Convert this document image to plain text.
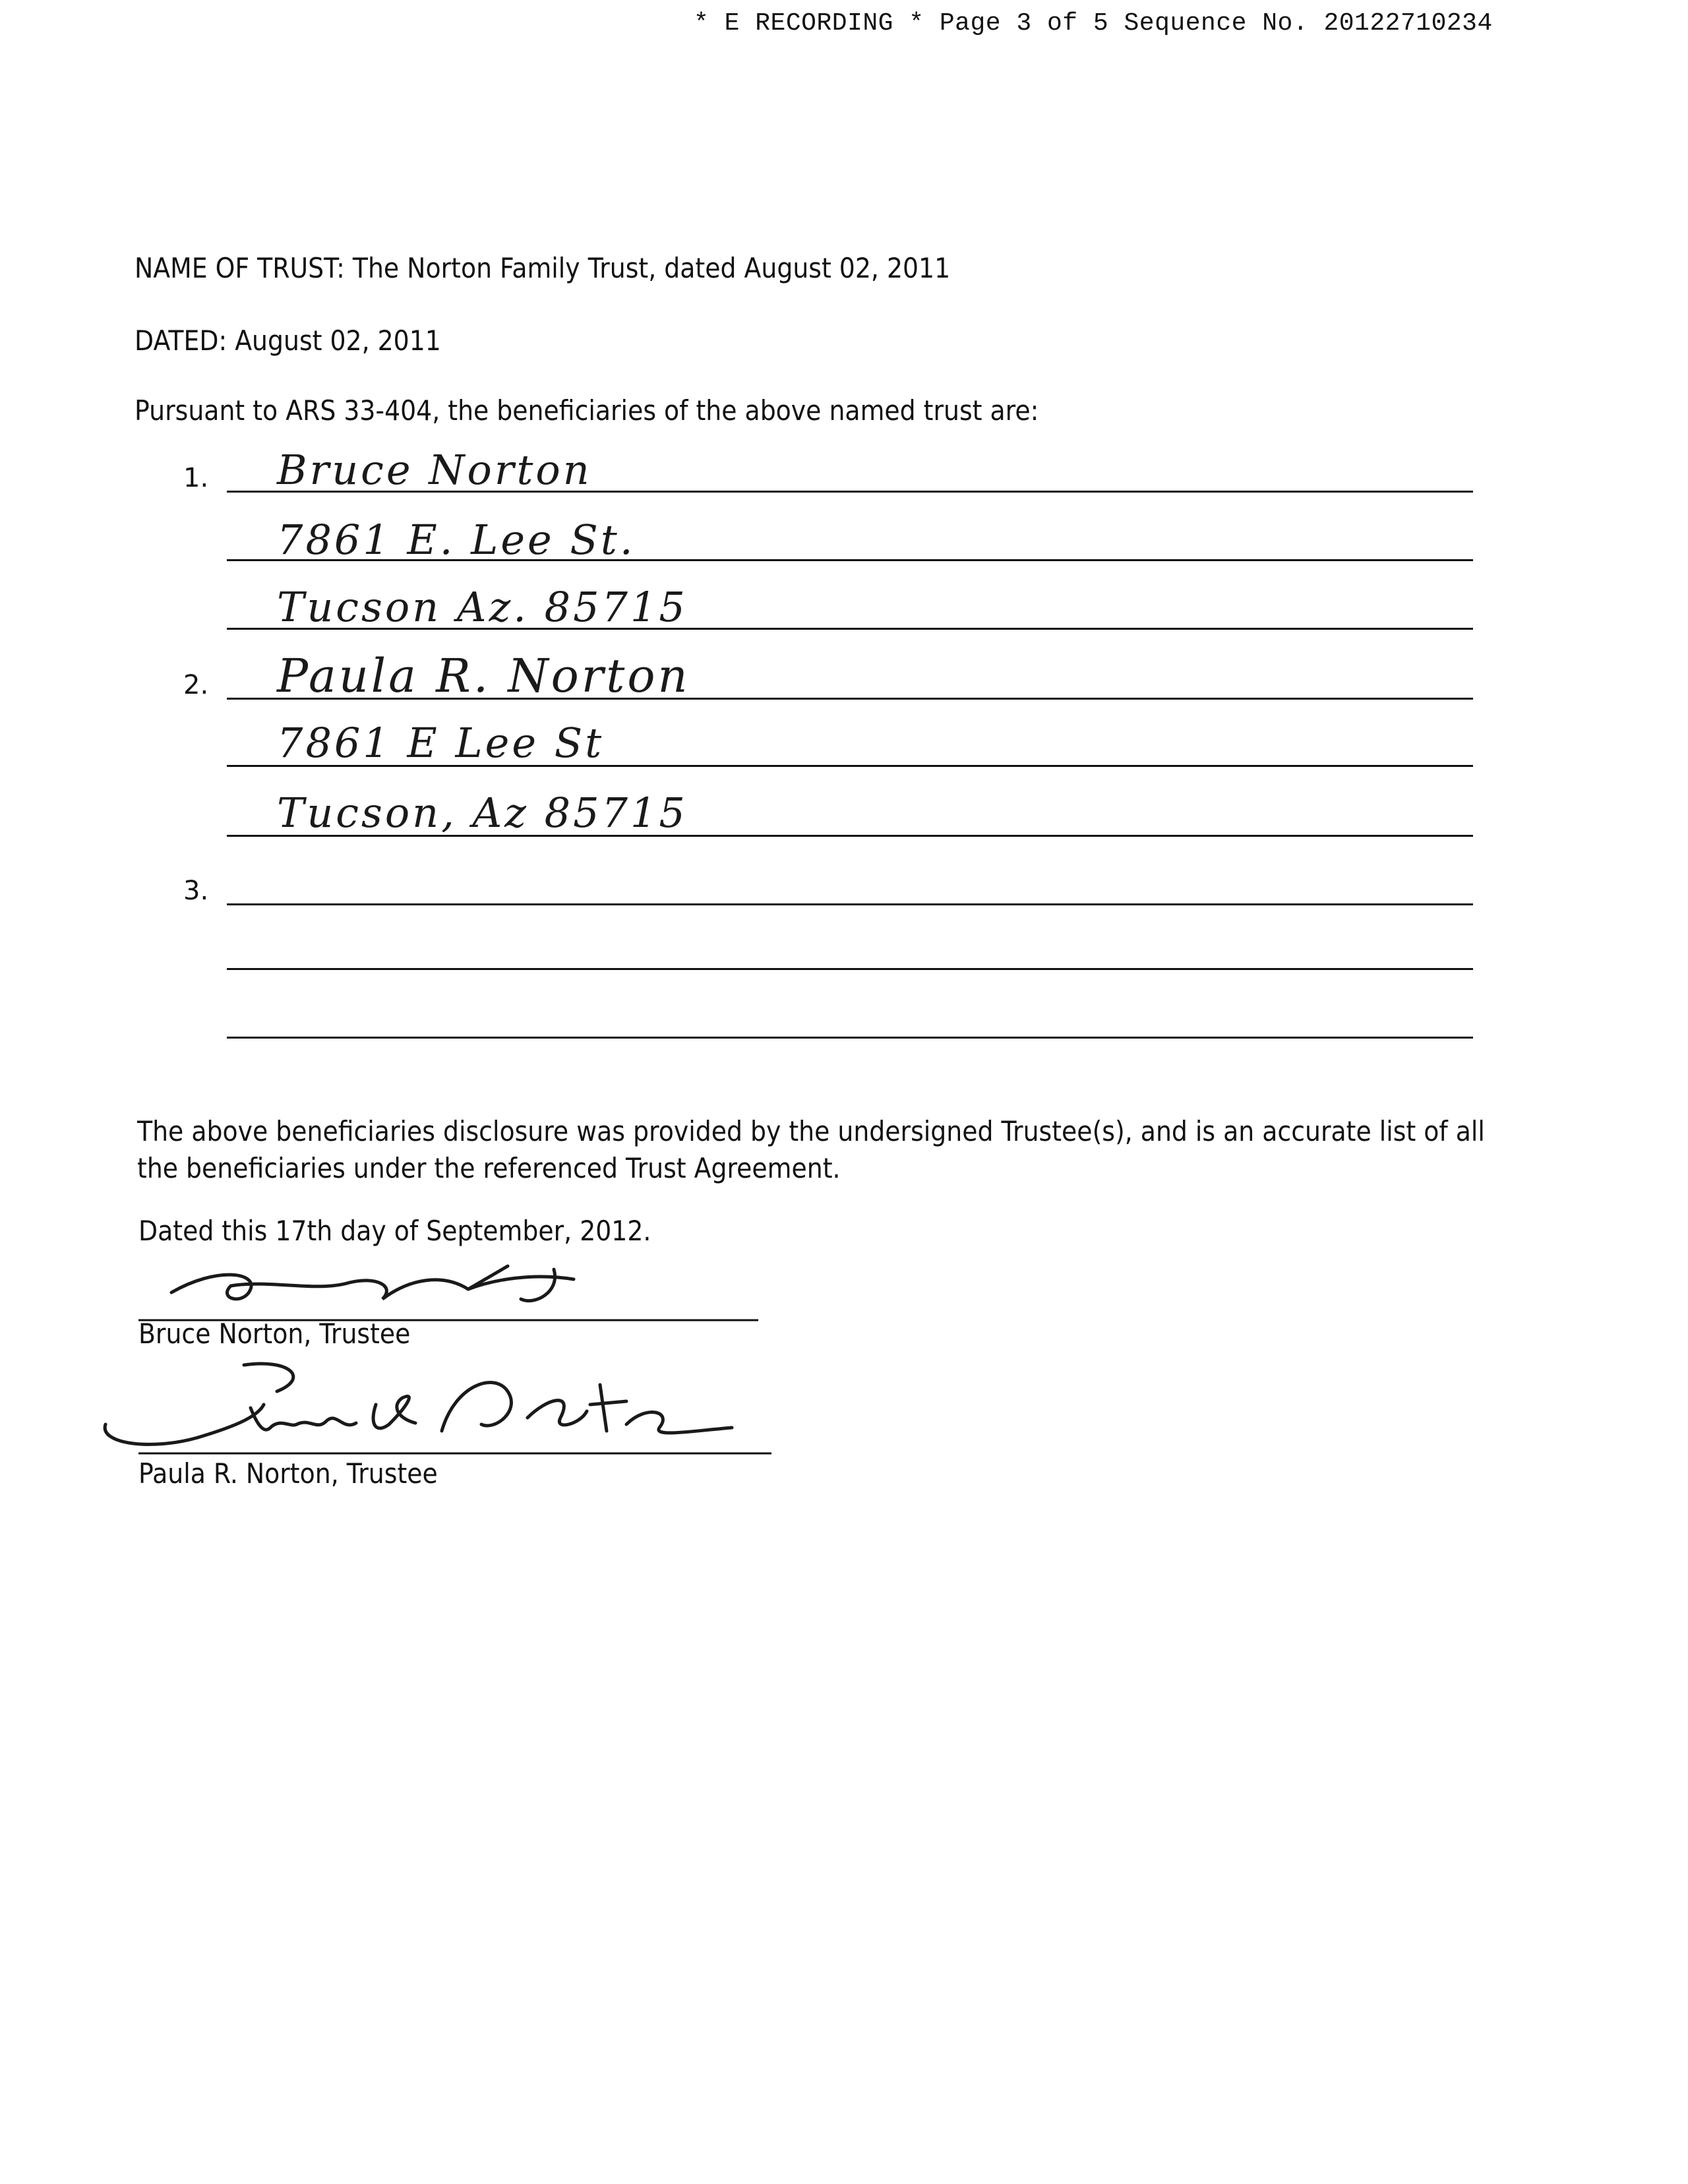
* E RECORDING * Page 3 of 5 Sequence No. 20122710234
NAME OF TRUST: The Norton Family Trust, dated August 02, 2011
DATED: August 02, 2011
Pursuant to ARS 33-404, the beneficiaries of the above named trust are:
1. Bruce Norton
7861 E. Lee St.
Tucson Az. 85715
2. Paula R. Norton
7861 E Lee St
Tucson, Az 85715
3.
The above beneficiaries disclosure was provided by the undersigned Trustee(s), and is an accurate list of all
the beneficiaries under the referenced Trust Agreement.
Dated this 17th day of September, 2012.
Bruce Norton, Trustee
Paula R. Norton, Trustee
